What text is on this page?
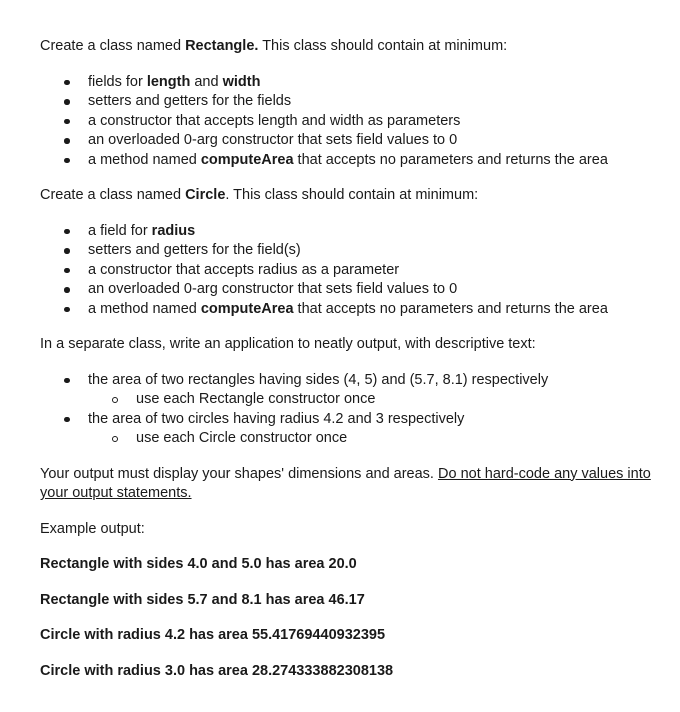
Create a class named Rectangle. This class should contain at minimum:

fields for length and width
setters and getters for the fields
a constructor that accepts length and width as parameters
an overloaded 0-arg constructor that sets field values to 0
a method named computeArea that accepts no parameters and returns the area

Create a class named Circle. This class should contain at minimum:

a field for radius
setters and getters for the field(s)
a constructor that accepts radius as a parameter
an overloaded 0-arg constructor that sets field values to 0
a method named computeArea that accepts no parameters and returns the area

In a separate class, write an application to neatly output, with descriptive text:

the area of two rectangles having sides (4, 5) and (5.7, 8.1) respectively
use each Rectangle constructor once
the area of two circles having radius 4.2 and 3 respectively
use each Circle constructor once

Your output must display your shapes' dimensions and areas. Do not hard-code any values into your output statements.

Example output:

Rectangle with sides 4.0 and 5.0 has area 20.0

Rectangle with sides 5.7 and 8.1 has area 46.17

Circle with radius 4.2 has area 55.41769440932395

Circle with radius 3.0 has area 28.274333882308138
